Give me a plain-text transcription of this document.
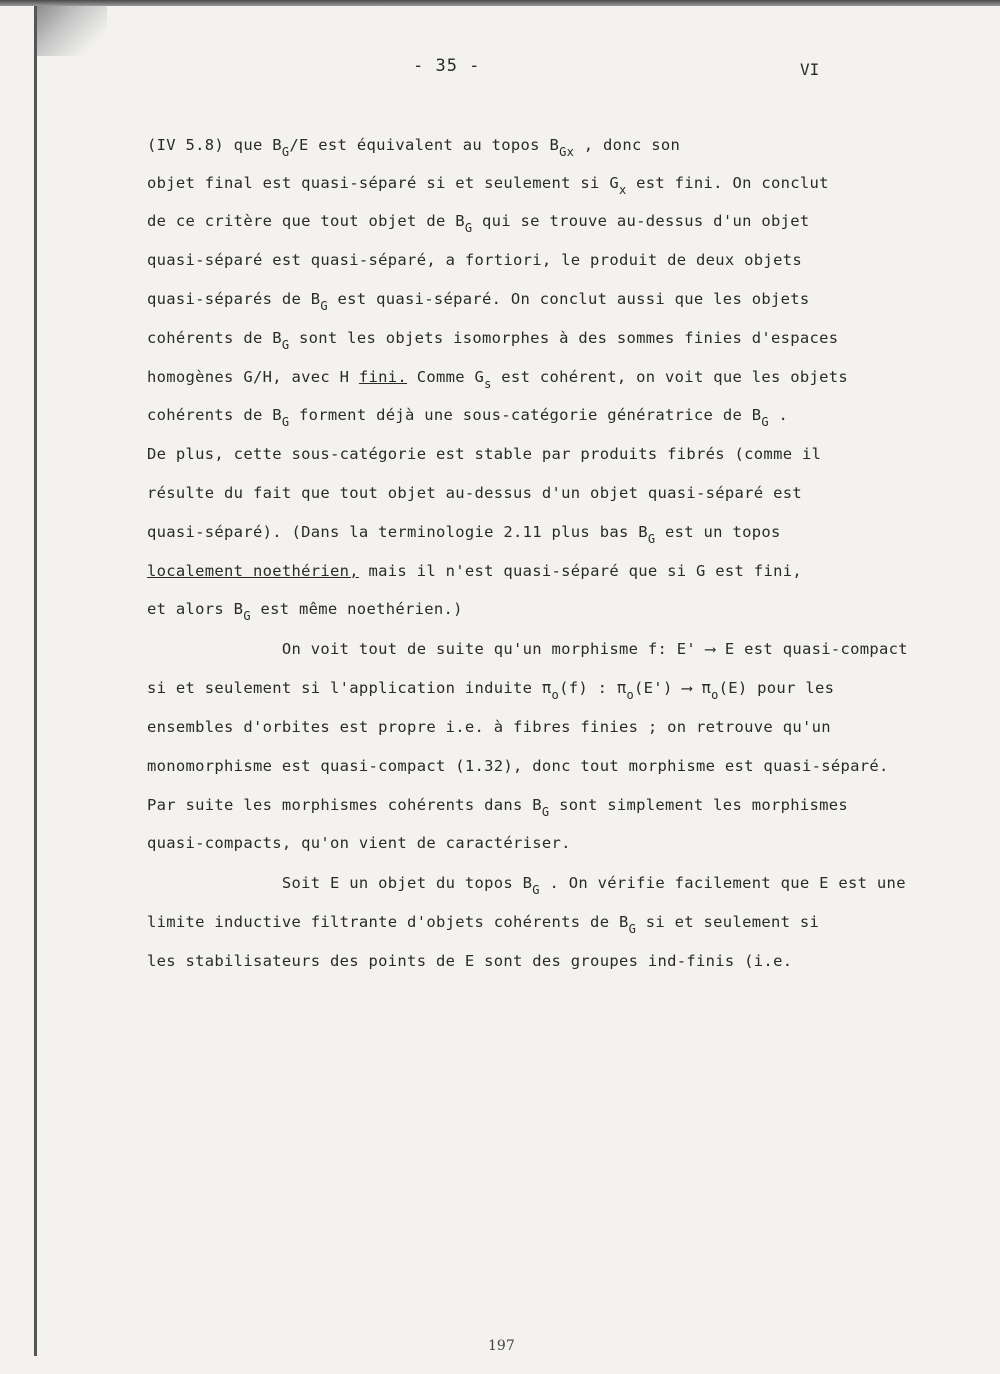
- 35 -	VI
(IV 5.8) que $B_G/E$ est équivalent au topos $B_{Gx}$ , donc son
objet final est quasi-séparé si et seulement si $G_x$ est fini. On conclut
de ce critère que tout objet de $B_G$ qui se trouve au-dessus d'un objet
quasi-séparé est quasi-séparé, a fortiori, le produit de deux objets
quasi-séparés de $B_G$ est quasi-séparé. On conclut aussi que les objets
cohérents de $B_G$ sont les objets isomorphes à des sommes finies d'espaces
homogènes G/H, avec H fini. Comme $G_s$ est cohérent, on voit que les objets
cohérents de $B_G$ forment déjà une sous-catégorie génératrice de $B_G$ .
De plus, cette sous-catégorie est stable par produits fibrés (comme il
résulte du fait que tout objet au-dessus d'un objet quasi-séparé est
quasi-séparé). (Dans la terminologie 2.11 plus bas $B_G$ est un topos
localement noethérien, mais il n'est quasi-séparé que si G est fini,
et alors $B_G$ est même noethérien.)
On voit tout de suite qu'un morphisme f: E' ⟶ E est quasi-compact
si et seulement si l'application induite $\pi_o(f)$ : $\pi_o(E')$ ⟶ $\pi_o(E)$ pour les
ensembles d'orbites est propre i.e. à fibres finies ; on retrouve qu'un
monomorphisme est quasi-compact (1.32), donc tout morphisme est quasi-séparé.
Par suite les morphismes cohérents dans $B_G$ sont simplement les morphismes
quasi-compacts, qu'on vient de caractériser.
Soit E un objet du topos $B_G$ . On vérifie facilement que E est une
limite inductive filtrante d'objets cohérents de $B_G$ si et seulement si
les stabilisateurs des points de E sont des groupes ind-finis (i.e.
197
